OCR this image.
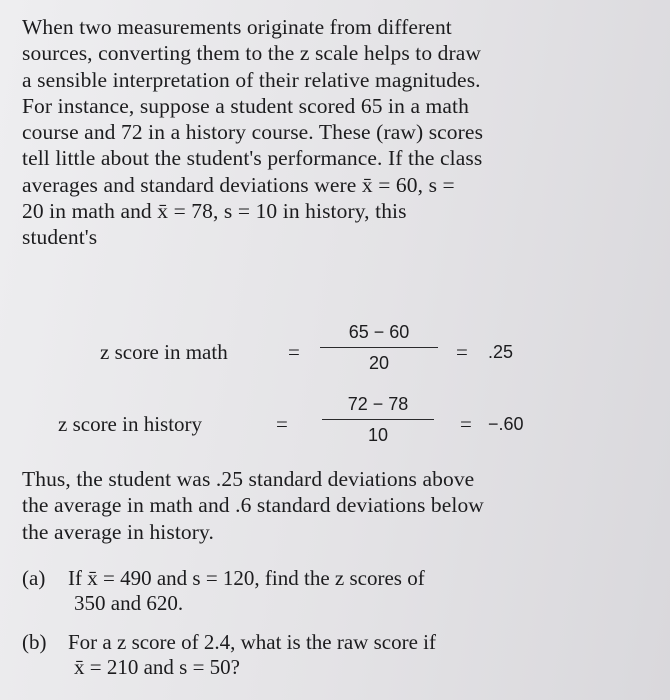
When two measurements originate from different
sources, converting them to the z scale helps to draw
a sensible interpretation of their relative magnitudes.
For instance, suppose a student scored 65 in a math
course and 72 in a history course. These (raw) scores
tell little about the student's performance. If the class
averages and standard deviations were x̄ = 60, s =
20 in math and x̄ = 78, s = 10 in history, this
student's

z score in math	=
65 − 60
20	= .25
z score in history	=
72 − 78
10	= −.60

Thus, the student was .25 standard deviations above
the average in math and .6 standard deviations below
the average in history.

(a) If x̄ = 490 and s = 120, find the z scores of
350 and 620.
(b) For a z score of 2.4, what is the raw score if
x̄ = 210 and s = 50?
